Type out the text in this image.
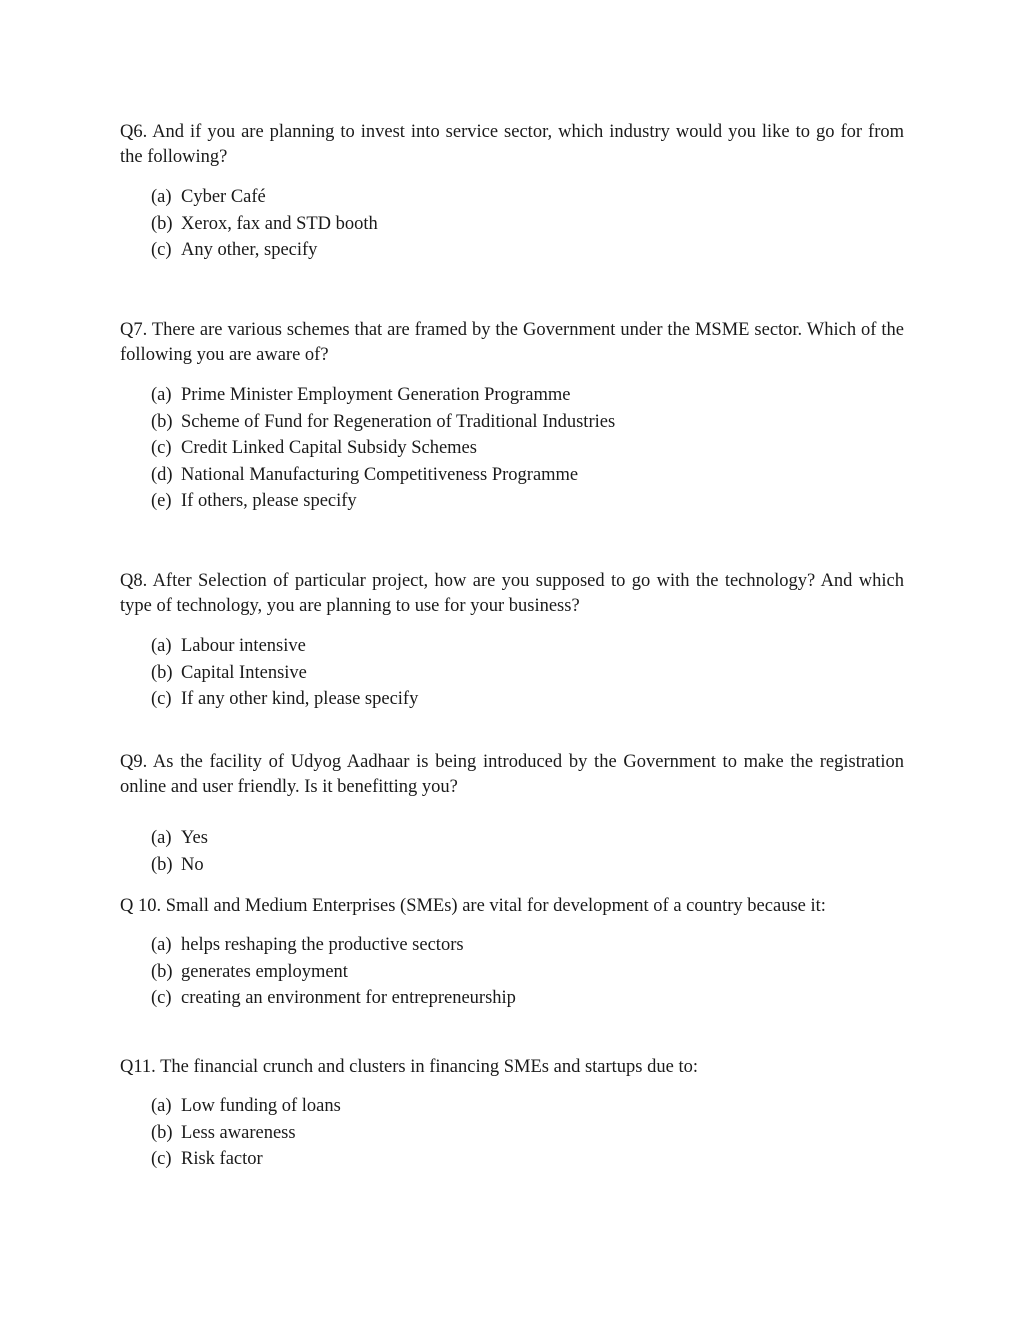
Q6. And if you are planning to invest into service sector, which industry would you like to go for from the following?

(a) Cyber Café
(b) Xerox, fax and STD booth
(c) Any other, specify

Q7. There are various schemes that are framed by the Government under the MSME sector. Which of the following you are aware of?

(a) Prime Minister Employment Generation Programme
(b) Scheme of Fund for Regeneration of Traditional Industries
(c) Credit Linked Capital Subsidy Schemes
(d) National Manufacturing Competitiveness Programme
(e) If others, please specify

Q8. After Selection of particular project, how are you supposed to go with the technology? And which type of technology, you are planning to use for your business?

(a) Labour intensive
(b) Capital Intensive
(c) If any other kind, please specify

Q9. As the facility of Udyog Aadhaar is being introduced by the Government to make the registration online and user friendly. Is it benefitting you?

(a) Yes
(b) No

Q 10. Small and Medium Enterprises (SMEs) are vital for development of a country because it:

(a) helps reshaping the productive sectors
(b) generates employment
(c) creating an environment for entrepreneurship

Q11. The financial crunch and clusters in financing SMEs and startups due to:

(a) Low funding of loans
(b) Less awareness
(c) Risk factor
